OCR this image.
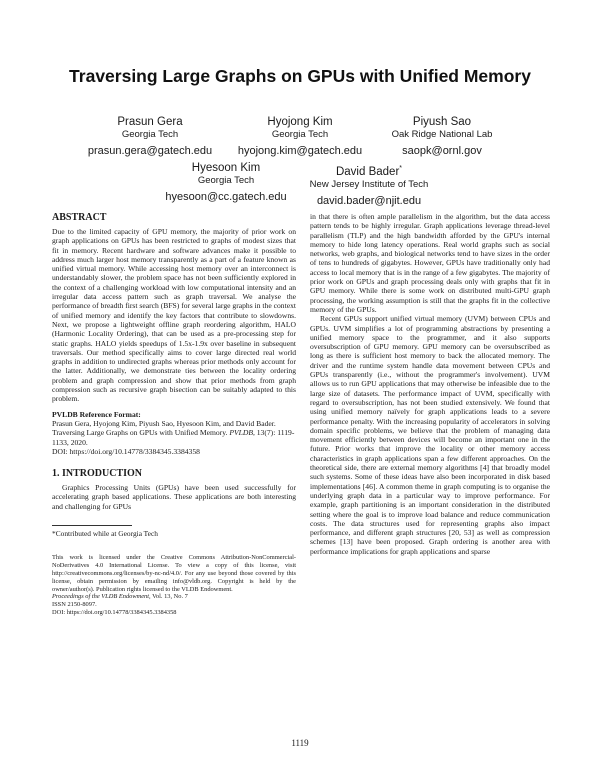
Traversing Large Graphs on GPUs with Unified Memory
Prasun Gera
Georgia Tech
prasun.gera@gatech.edu
Hyojong Kim
Georgia Tech
hyojong.kim@gatech.edu
Piyush Sao
Oak Ridge National Lab
saopk@ornl.gov
Hyesoon Kim
Georgia Tech
hyesoon@cc.gatech.edu
David Bader*
New Jersey Institute of Tech
david.bader@njit.edu
ABSTRACT

Due to the limited capacity of GPU memory, the majority of prior work on graph applications on GPUs has been restricted to graphs of modest sizes that fit in memory. Recent hardware and software advances make it possible to address much larger host memory transparently as a part of a feature known as unified virtual memory. While accessing host memory over an interconnect is understandably slower, the problem space has not been sufficiently explored in the context of a challenging workload with low computational intensity and an irregular data access pattern such as graph traversal. We analyse the performance of breadth first search (BFS) for several large graphs in the context of unified memory and identify the key factors that contribute to slowdowns. Next, we propose a lightweight offline graph reordering algorithm, HALO (Harmonic Locality Ordering), that can be used as a pre-processing step for static graphs. HALO yields speedups of 1.5x-1.9x over baseline in subsequent traversals. Our method specifically aims to cover large directed real world graphs in addition to undirected graphs whereas prior methods only account for the latter. Additionally, we demonstrate ties between the locality ordering problem and graph compression and show that prior methods from graph compression such as recursive graph bisection can be suitably adapted to this problem.

PVLDB Reference Format:

Prasun Gera, Hyojong Kim, Piyush Sao, Hyesoon Kim, and David Bader. Traversing Large Graphs on GPUs with Unified Memory. PVLDB, 13(7): 1119-1133, 2020.
DOI: https://doi.org/10.14778/3384345.3384358

1. INTRODUCTION

Graphics Processing Units (GPUs) have been used successfully for accelerating graph based applications. These applications are both interesting and challenging for GPUs

*Contributed while at Georgia Tech

This work is licensed under the Creative Commons Attribution-NonCommercial-NoDerivatives 4.0 International License. To view a copy of this license, visit http://creativecommons.org/licenses/by-nc-nd/4.0/. For any use beyond those covered by this license, obtain permission by emailing info@vldb.org. Copyright is held by the owner/author(s). Publication rights licensed to the VLDB Endowment.

Proceedings of the VLDB Endowment, Vol. 13, No. 7

ISSN 2150-8097.

DOI: https://doi.org/10.14778/3384345.3384358

in that there is often ample parallelism in the algorithm, but the data access pattern tends to be highly irregular. Graph applications leverage thread-level parallelism (TLP) and the high bandwidth afforded by the GPU's internal memory to hide long latency operations. Real world graphs such as social networks, web graphs, and biological networks tend to have sizes in the order of tens to hundreds of gigabytes. However, GPUs have traditionally only had access to local memory that is in the range of a few gigabytes. The majority of prior work on GPUs and graph processing deals only with graphs that fit in GPU memory. While there is some work on distributed multi-GPU graph processing, the working assumption is still that the graphs fit in the collective memory of the GPUs.

Recent GPUs support unified virtual memory (UVM) between CPUs and GPUs. UVM simplifies a lot of programming abstractions by presenting a unified memory space to the programmer, and it also supports oversubscription of GPU memory. GPU memory can be oversubscribed as long as there is sufficient host memory to back the allocated memory. The driver and the runtime system handle data movement between CPUs and GPUs transparently (i.e., without the programmer's involvement). UVM allows us to run GPU applications that may otherwise be infeasible due to the large size of datasets. The performance impact of UVM, specifically with regard to oversubscription, has not been studied extensively. We found that using unified memory naïvely for graph applications leads to a severe performance penalty. With the increasing popularity of accelerators in solving domain specific problems, we believe that the problem of managing data movement efficiently between devices will become an important one in the future. Prior works that improve the locality or other memory access characteristics in graph applications span a few different approaches. On the theoretical side, there are external memory algorithms [4] that broadly model such systems. Some of these ideas have also been incorporated in disk based implementations [46]. A common theme in graph computing is to organise the underlying graph data in a particular way to improve performance. For example, graph partitioning is an important consideration in the distributed setting where the goal is to improve load balance and reduce communication costs. The data structures used for representing graphs also impact performance, and different graph structures [20, 53] as well as compression schemes [13] have been proposed. Graph ordering is another area with performance implications for graph applications and sparse

1119
